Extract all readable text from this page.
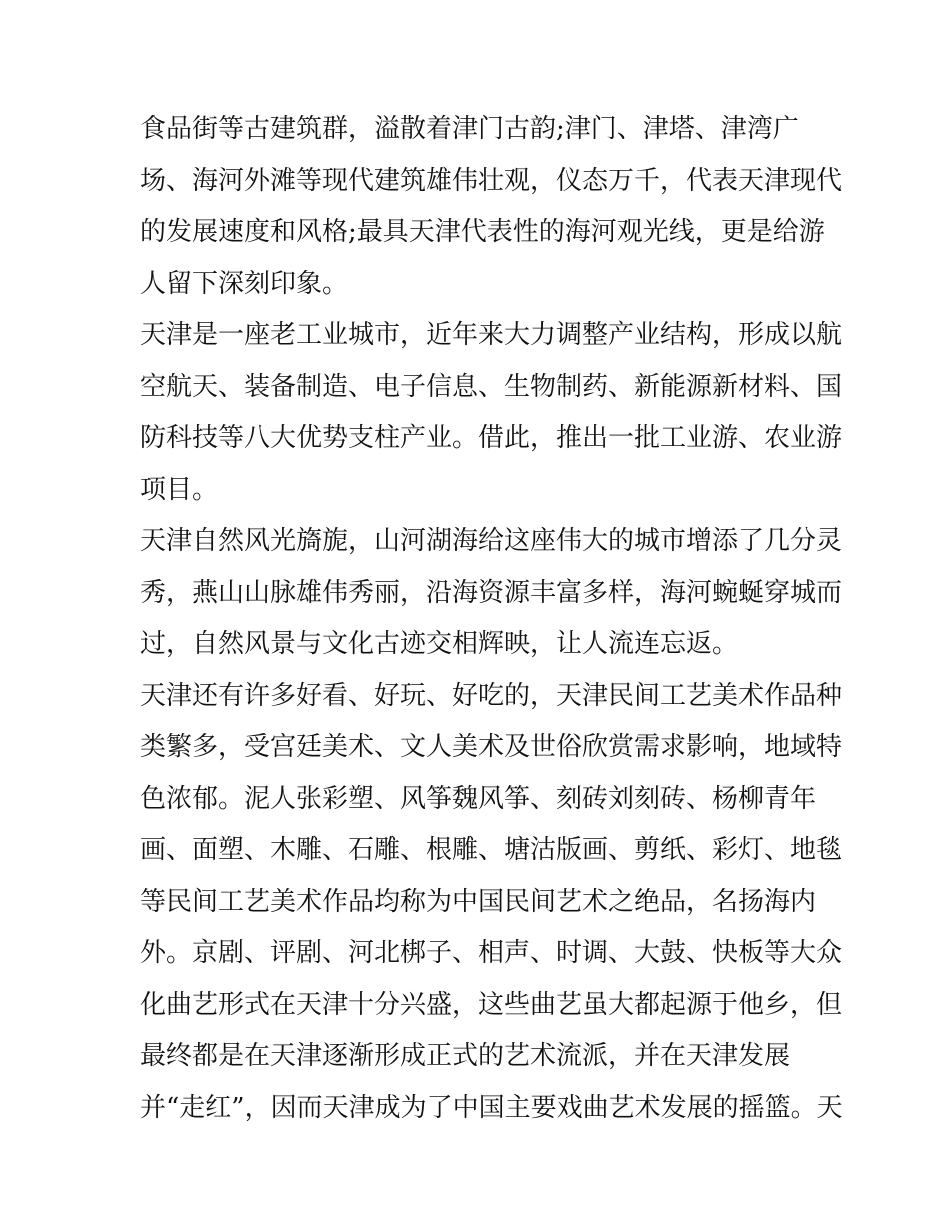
食品街等古建筑群，溢散着津门古韵;津门、津塔、津湾广
场、海河外滩等现代建筑雄伟壮观，仪态万千，代表天津现代
的发展速度和风格;最具天津代表性的海河观光线，更是给游
人留下深刻印象。
天津是一座老工业城市，近年来大力调整产业结构，形成以航
空航天、装备制造、电子信息、生物制药、新能源新材料、国
防科技等八大优势支柱产业。借此，推出一批工业游、农业游
项目。
天津自然风光旖旎，山河湖海给这座伟大的城市增添了几分灵
秀，燕山山脉雄伟秀丽，沿海资源丰富多样，海河蜿蜒穿城而
过，自然风景与文化古迹交相辉映，让人流连忘返。
天津还有许多好看、好玩、好吃的，天津民间工艺美术作品种
类繁多，受宫廷美术、文人美术及世俗欣赏需求影响，地域特
色浓郁。泥人张彩塑、风筝魏风筝、刻砖刘刻砖、杨柳青年
画、面塑、木雕、石雕、根雕、塘沽版画、剪纸、彩灯、地毯
等民间工艺美术作品均称为中国民间艺术之绝品，名扬海内
外。京剧、评剧、河北梆子、相声、时调、大鼓、快板等大众
化曲艺形式在天津十分兴盛，这些曲艺虽大都起源于他乡，但
最终都是在天津逐渐形成正式的艺术流派，并在天津发展
并“走红”，因而天津成为了中国主要戏曲艺术发展的摇篮。天
